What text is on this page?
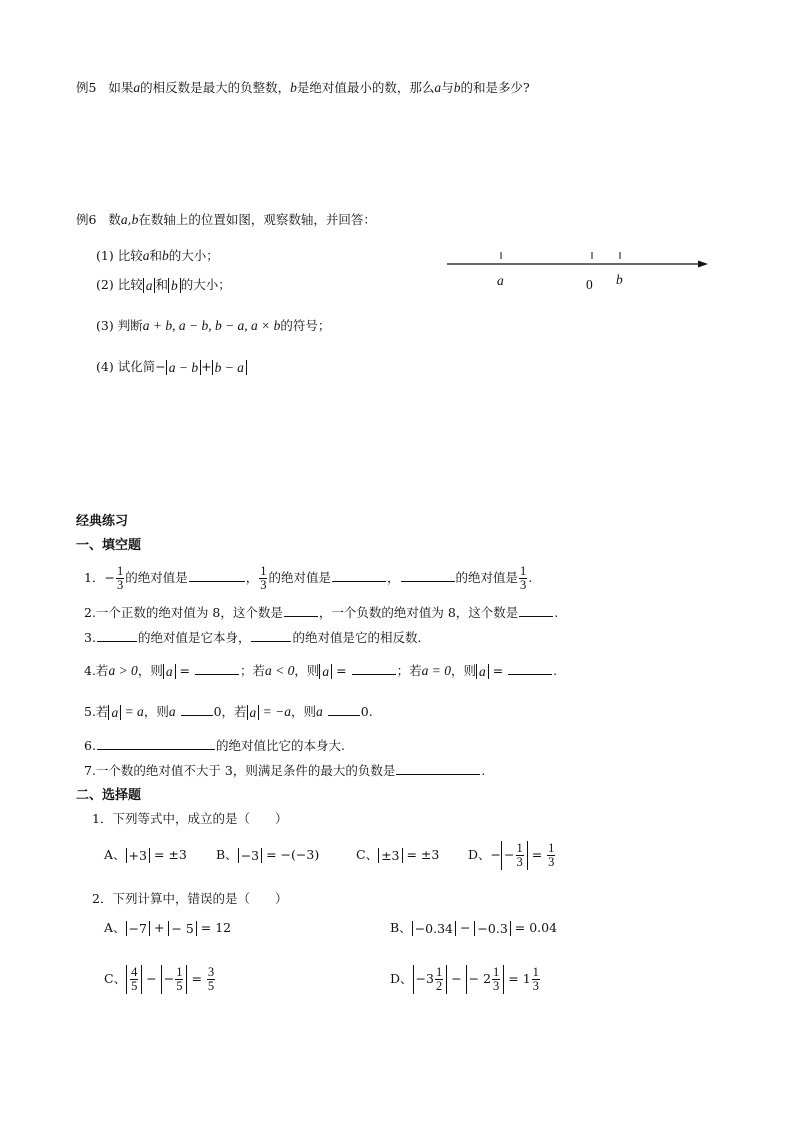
例5 如果a的相反数是最大的负整数，b是绝对值最小的数，那么a与b的和是多少?
例6 数a,b在数轴上的位置如图，观察数轴，并回答：
(1) 比较a和b的大小；
(2) 比较 a 和 b 的大小；
(3) 判断a + b, a − b, b − a, a × b的符号；
(4) 试化简− a − b + b − a
a	0 b
经典练习
一、填空题
1．− $\frac{1}{3}$ 的绝对值是	， $\frac{1}{3}$ 的绝对值是	，	的绝对值是 $\frac{1}{3}$ .
2.一个正数的绝对值为 8，这个数是	，一个负数的绝对值为 8，这个数是	.
3.	的绝对值是它本身，	的绝对值是它的相反数.
4.若a > 0，则 a =	；若a < 0，则 a =	；若a = 0，则 a =	.
5.若 a = a，则a	0，若 a = −a，则a	0.
6.	的绝对值比它的本身大.
7.一个数的绝对值不大于 3，则满足条件的最大的负数是	.
二、选择题
1．下列等式中，成立的是（　　）
A、 +3 = ±3 B、 −3 = −(−3)	C、 ±3 = ±3 D、− − $\frac{1}{3} = \frac{1}{3}$
2．下列计算中，错误的是（　　）
A、 −7 + − 5 = 12	B、 −0.34 − −0.3 = 0.04
C、 $\frac{4}{5}$ − − $\frac{1}{5} = \frac{3}{5}$	D、 $-3 \frac{1}{2}$ − − $2 \frac{1}{3} = 1 \frac{1}{3}$
